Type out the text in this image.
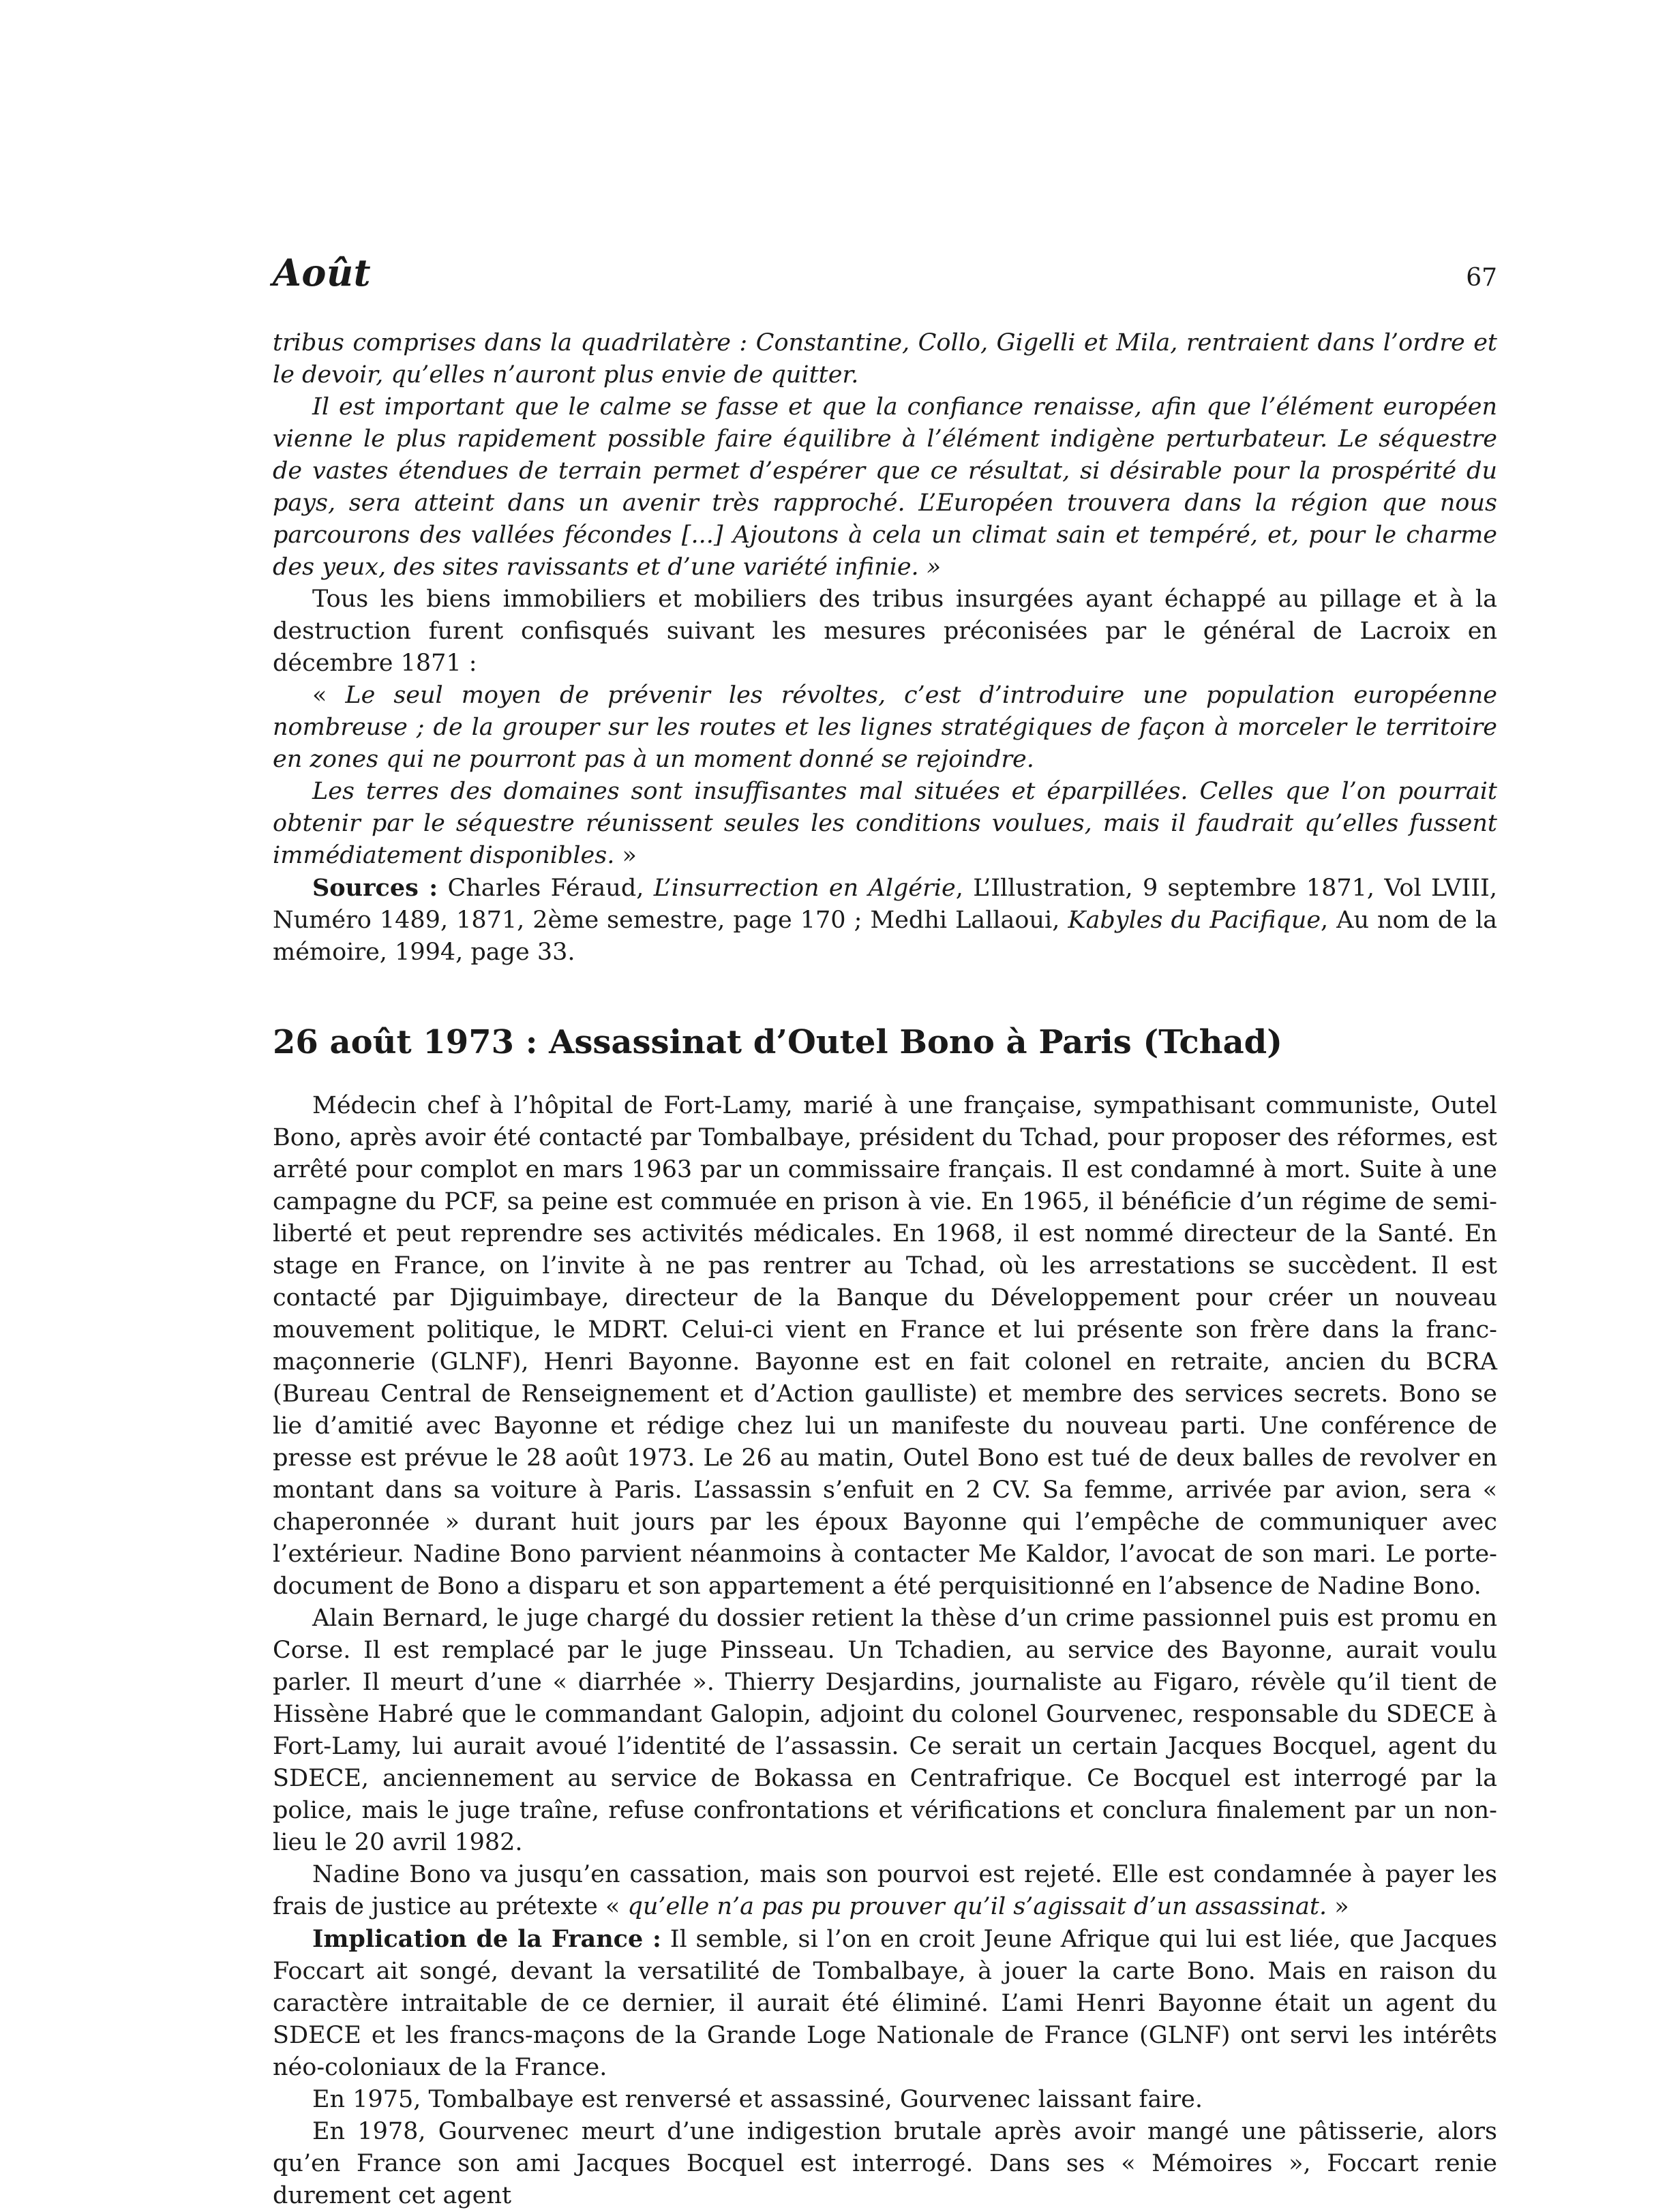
Août	67

tribus comprises dans la quadrilatère : Constantine, Collo, Gigelli et Mila, rentraient dans l’ordre et le devoir, qu’elles n’auront plus envie de quitter.

Il est important que le calme se fasse et que la confiance renaisse, afin que l’élément européen vienne le plus rapidement possible faire équilibre à l’élément indigène perturbateur. Le séquestre de vastes étendues de terrain permet d’espérer que ce résultat, si désirable pour la prospérité du pays, sera atteint dans un avenir très rapproché. L’Européen trouvera dans la région que nous parcourons des vallées fécondes [...] Ajoutons à cela un climat sain et tempéré, et, pour le charme des yeux, des sites ravissants et d’une variété infinie. »

Tous les biens immobiliers et mobiliers des tribus insurgées ayant échappé au pillage et à la destruction furent confisqués suivant les mesures préconisées par le général de Lacroix en décembre 1871 :

« Le seul moyen de prévenir les révoltes, c’est d’introduire une population européenne nombreuse ; de la grouper sur les routes et les lignes stratégiques de façon à morceler le territoire en zones qui ne pourront pas à un moment donné se rejoindre.

Les terres des domaines sont insuffisantes mal situées et éparpillées. Celles que l’on pourrait obtenir par le séquestre réunissent seules les conditions voulues, mais il faudrait qu’elles fussent immédiatement disponibles. »

Sources : Charles Féraud, L’insurrection en Algérie, L’Illustration, 9 septembre 1871, Vol LVIII, Numéro 1489, 1871, 2ème semestre, page 170 ; Medhi Lallaoui, Kabyles du Pacifique, Au nom de la mémoire, 1994, page 33.

26 août 1973 : Assassinat d’Outel Bono à Paris (Tchad)

Médecin chef à l’hôpital de Fort-Lamy, marié à une française, sympathisant communiste, Outel Bono, après avoir été contacté par Tombalbaye, président du Tchad, pour proposer des réformes, est arrêté pour complot en mars 1963 par un commissaire français. Il est condamné à mort. Suite à une campagne du PCF, sa peine est commuée en prison à vie. En 1965, il bénéficie d’un régime de semi-liberté et peut reprendre ses activités médicales. En 1968, il est nommé directeur de la Santé. En stage en France, on l’invite à ne pas rentrer au Tchad, où les arrestations se succèdent. Il est contacté par Djiguimbaye, directeur de la Banque du Développement pour créer un nouveau mouvement politique, le MDRT. Celui-ci vient en France et lui présente son frère dans la franc-maçonnerie (GLNF), Henri Bayonne. Bayonne est en fait colonel en retraite, ancien du BCRA (Bureau Central de Renseignement et d’Action gaulliste) et membre des services secrets. Bono se lie d’amitié avec Bayonne et rédige chez lui un manifeste du nouveau parti. Une conférence de presse est prévue le 28 août 1973. Le 26 au matin, Outel Bono est tué de deux balles de revolver en montant dans sa voiture à Paris. L’assassin s’enfuit en 2 CV. Sa femme, arrivée par avion, sera « chaperonnée » durant huit jours par les époux Bayonne qui l’empêche de communiquer avec l’extérieur. Nadine Bono parvient néanmoins à contacter Me Kaldor, l’avocat de son mari. Le porte-document de Bono a disparu et son appartement a été perquisitionné en l’absence de Nadine Bono.

Alain Bernard, le juge chargé du dossier retient la thèse d’un crime passionnel puis est promu en Corse. Il est remplacé par le juge Pinsseau. Un Tchadien, au service des Bayonne, aurait voulu parler. Il meurt d’une « diarrhée ». Thierry Desjardins, journaliste au Figaro, révèle qu’il tient de Hissène Habré que le commandant Galopin, adjoint du colonel Gourvenec, responsable du SDECE à Fort-Lamy, lui aurait avoué l’identité de l’assassin. Ce serait un certain Jacques Bocquel, agent du SDECE, anciennement au service de Bokassa en Centrafrique. Ce Bocquel est interrogé par la police, mais le juge traîne, refuse confrontations et vérifications et conclura finalement par un non-lieu le 20 avril 1982.

Nadine Bono va jusqu’en cassation, mais son pourvoi est rejeté. Elle est condamnée à payer les frais de justice au prétexte « qu’elle n’a pas pu prouver qu’il s’agissait d’un assassinat. »

Implication de la France : Il semble, si l’on en croit Jeune Afrique qui lui est liée, que Jacques Foccart ait songé, devant la versatilité de Tombalbaye, à jouer la carte Bono. Mais en raison du caractère intraitable de ce dernier, il aurait été éliminé. L’ami Henri Bayonne était un agent du SDECE et les francs-maçons de la Grande Loge Nationale de France (GLNF) ont servi les intérêts néo-coloniaux de la France.

En 1975, Tombalbaye est renversé et assassiné, Gourvenec laissant faire.

En 1978, Gourvenec meurt d’une indigestion brutale après avoir mangé une pâtisserie, alors qu’en France son ami Jacques Bocquel est interrogé. Dans ses « Mémoires », Foccart renie durement cet agent
